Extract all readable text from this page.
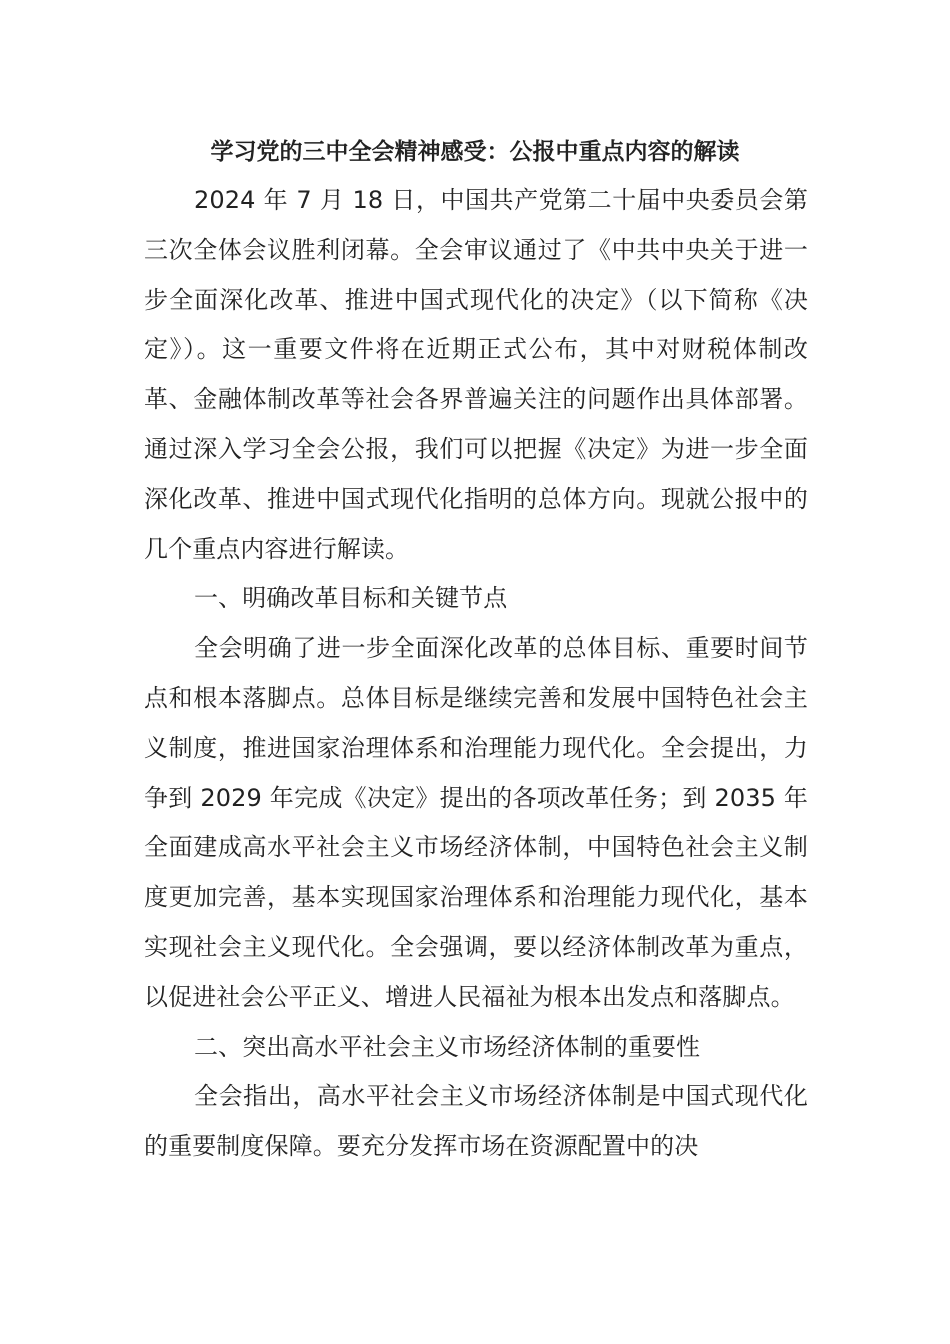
学习党的三中全会精神感受：公报中重点内容的解读

2024 年 7 月 18 日，中国共产党第二十届中央委员会第三次全体会议胜利闭幕。全会审议通过了《中共中央关于进一步全面深化改革、推进中国式现代化的决定》（以下简称《决定》）。这一重要文件将在近期正式公布，其中对财税体制改革、金融体制改革等社会各界普遍关注的问题作出具体部署。通过深入学习全会公报，我们可以把握《决定》为进一步全面深化改革、推进中国式现代化指明的总体方向。现就公报中的几个重点内容进行解读。

一、明确改革目标和关键节点

全会明确了进一步全面深化改革的总体目标、重要时间节点和根本落脚点。总体目标是继续完善和发展中国特色社会主义制度，推进国家治理体系和治理能力现代化。全会提出，力争到 2029 年完成《决定》提出的各项改革任务；到 2035 年全面建成高水平社会主义市场经济体制，中国特色社会主义制度更加完善，基本实现国家治理体系和治理能力现代化，基本实现社会主义现代化。全会强调，要以经济体制改革为重点，以促进社会公平正义、增进人民福祉为根本出发点和落脚点。

二、突出高水平社会主义市场经济体制的重要性

全会指出，高水平社会主义市场经济体制是中国式现代化的重要制度保障。要充分发挥市场在资源配置中的决
